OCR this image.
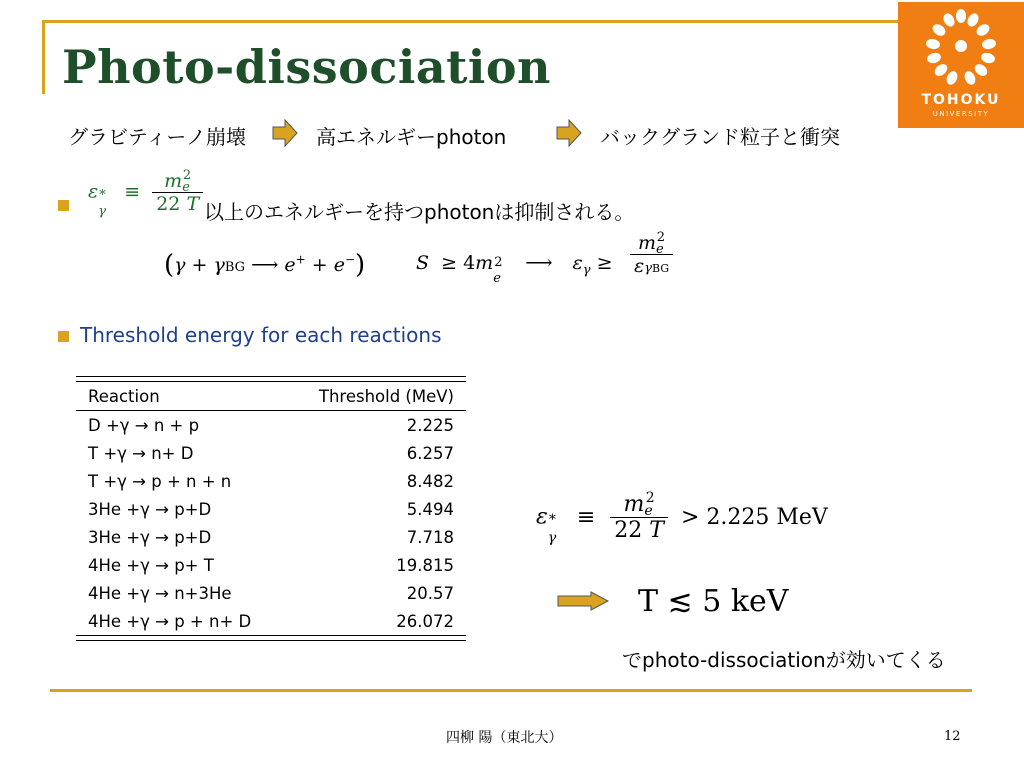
Photo-dissociation
TOHOKU
UNIVERSITY
グラビティーノ崩壊	高エネルギーphoton	バックグランド粒子と衝突
ε *
γ
≡ $\frac{m_e^2}{22 T}$ 以上のエネルギーを持つphotonは抑制される。
(γ + γBG ⟶ e+ + e−)	S  ≥ 4m 2
e
⟶ $\varepsilon_\gamma \ge \frac{m_e^2}{\text{εγBG}}$
Threshold energy for each reactions
Reaction	Threshold (MeV)
D +γ → n + p	2.225
T +γ → n+ D	6.257
T +γ → p + n + n	8.482
3He +γ → p+D	5.494
3He +γ → p+D	7.718
4He +γ → p+ T	19.815
4He +γ → n+3He	20.57
4He +γ → p + n+ D	26.072
ε *
γ
≡ $\frac{me^2}{22 T} > 2.225$ MeV
T ≲ 5 keV
でphoto-dissociationが効いてくる
四柳 陽（東北大）	12
